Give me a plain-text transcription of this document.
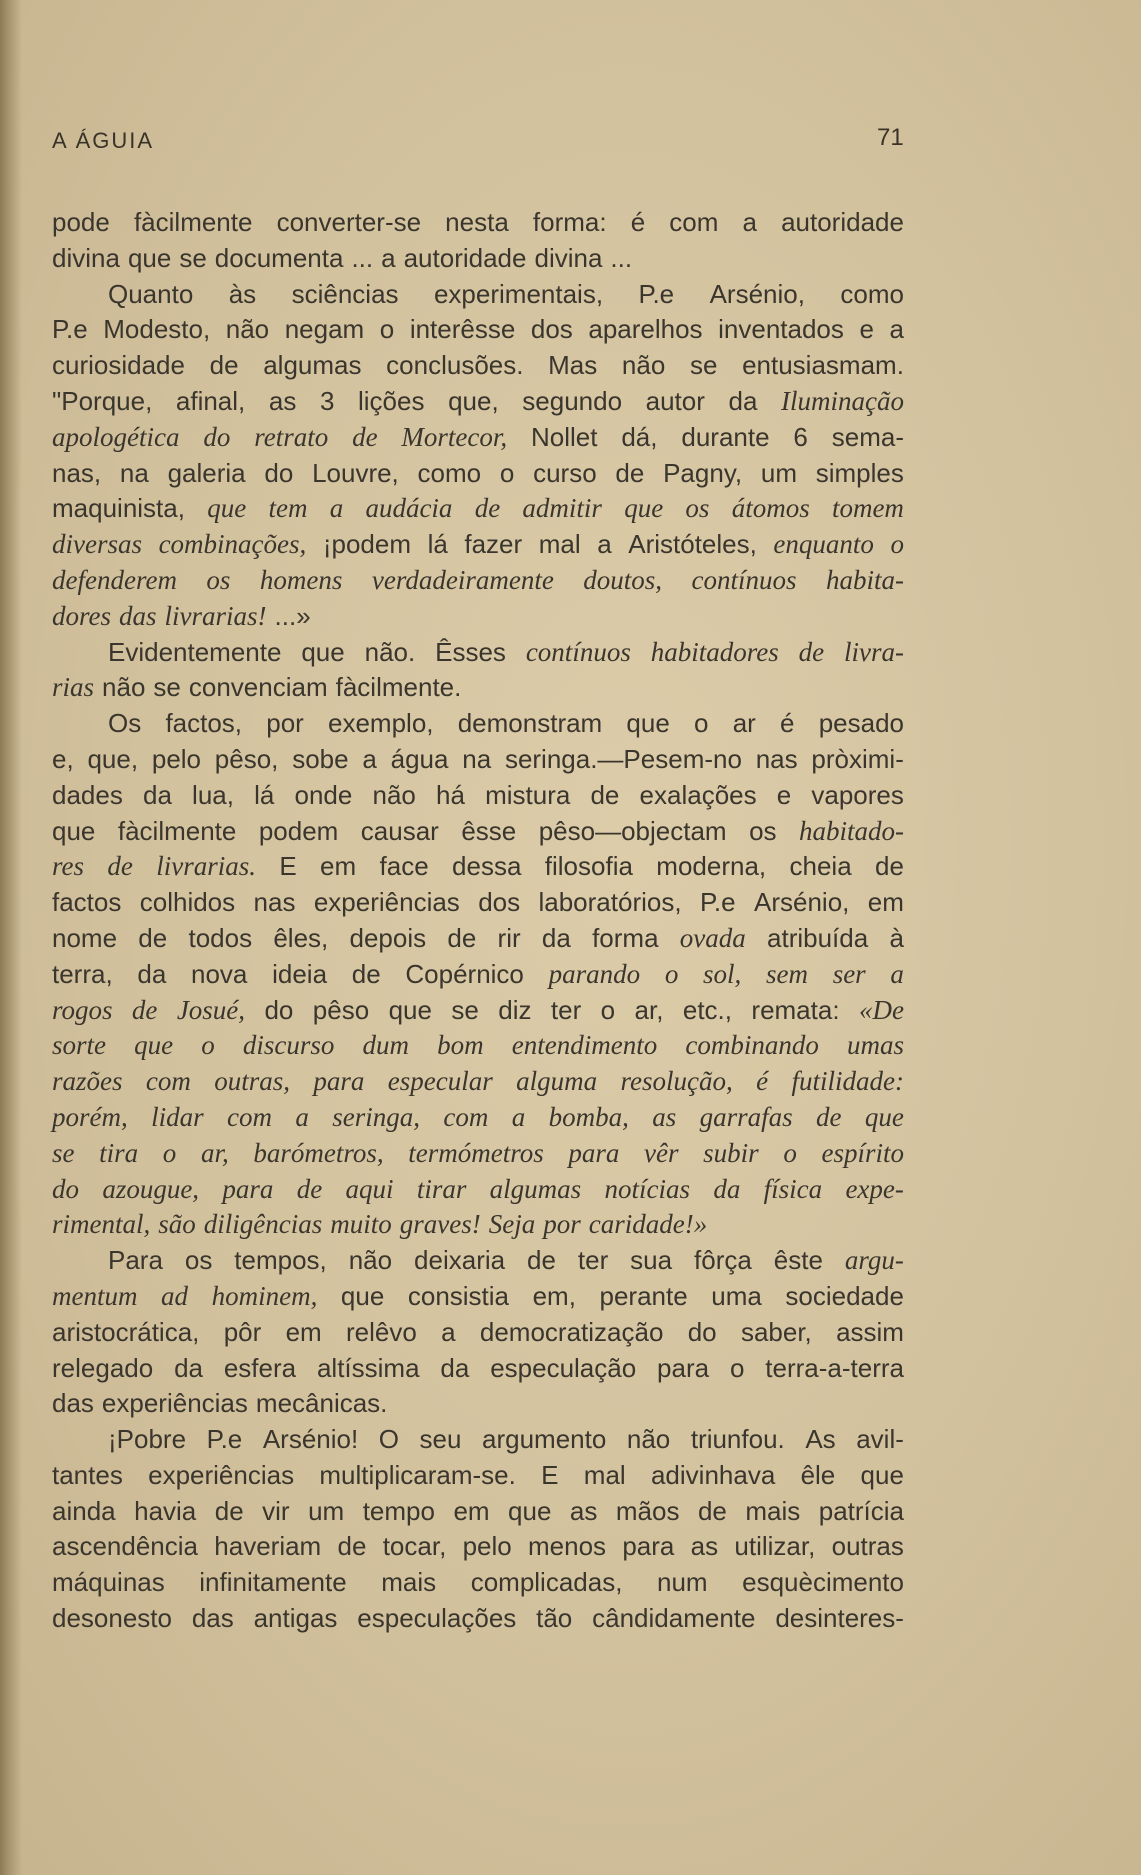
A ÁGUIA	71
pode fàcilmente converter-se nesta forma: é com a autoridade
divina que se documenta ... a autoridade divina ...
Quanto às sciências experimentais, P.e Arsénio, como
P.e Modesto, não negam o interêsse dos aparelhos inventados e a
curiosidade de algumas conclusões. Mas não se entusiasmam.
"Porque, afinal, as 3 lições que, segundo autor da Iluminação
apologética do retrato de Mortecor, Nollet dá, durante 6 sema-
nas, na galeria do Louvre, como o curso de Pagny, um simples
maquinista, que tem a audácia de admitir que os átomos tomem
diversas combinações, ¡podem lá fazer mal a Aristóteles, enquanto o
defenderem os homens verdadeiramente doutos, contínuos habita-
dores das livrarias! ...»
Evidentemente que não. Êsses contínuos habitadores de livra-
rias não se convenciam fàcilmente.
Os factos, por exemplo, demonstram que o ar é pesado
e, que, pelo pêso, sobe a água na seringa.—Pesem-no nas pròximi-
dades da lua, lá onde não há mistura de exalações e vapores
que fàcilmente podem causar êsse pêso—objectam os habitado-
res de livrarias. E em face dessa filosofia moderna, cheia de
factos colhidos nas experiências dos laboratórios, P.e Arsénio, em
nome de todos êles, depois de rir da forma ovada atribuída à
terra, da nova ideia de Copérnico parando o sol, sem ser a
rogos de Josué, do pêso que se diz ter o ar, etc., remata: «De
sorte que o discurso dum bom entendimento combinando umas
razões com outras, para especular alguma resolução, é futilidade:
porém, lidar com a seringa, com a bomba, as garrafas de que
se tira o ar, barómetros, termómetros para vêr subir o espírito
do azougue, para de aqui tirar algumas notícias da física expe-
rimental, são diligências muito graves! Seja por caridade!»
Para os tempos, não deixaria de ter sua fôrça êste argu-
mentum ad hominem, que consistia em, perante uma sociedade
aristocrática, pôr em relêvo a democratização do saber, assim
relegado da esfera altíssima da especulação para o terra-a-terra
das experiências mecânicas.
¡Pobre P.e Arsénio! O seu argumento não triunfou. As avil-
tantes experiências multiplicaram-se. E mal adivinhava êle que
ainda havia de vir um tempo em que as mãos de mais patrícia
ascendência haveriam de tocar, pelo menos para as utilizar, outras
máquinas infinitamente mais complicadas, num esquècimento
desonesto das antigas especulações tão cândidamente desinteres-
